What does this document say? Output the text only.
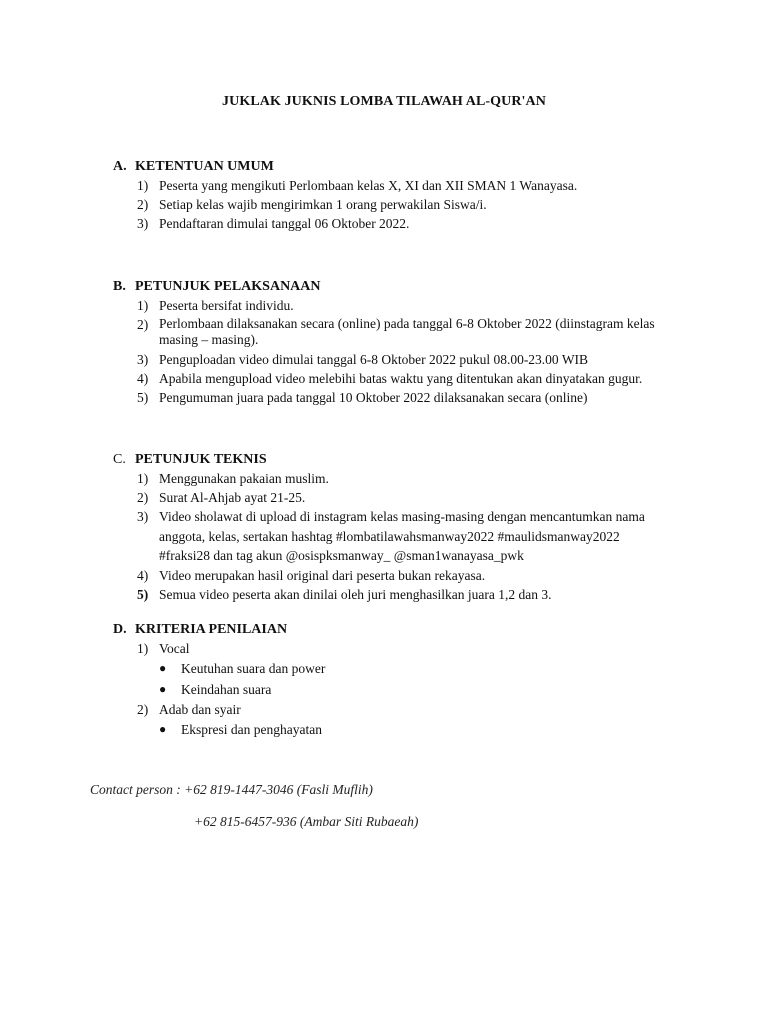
JUKLAK JUKNIS LOMBA TILAWAH AL-QUR'AN
A. KETENTUAN UMUM
1) Peserta yang mengikuti Perlombaan kelas X, XI dan XII SMAN 1 Wanayasa.
2) Setiap kelas wajib mengirimkan 1 orang perwakilan Siswa/i.
3) Pendaftaran dimulai tanggal 06 Oktober 2022.
B. PETUNJUK PELAKSANAAN
1) Peserta bersifat individu.
2) Perlombaan dilaksanakan secara (online) pada tanggal 6-8 Oktober 2022 (diinstagram kelas masing – masing).
3) Penguploadan video dimulai tanggal 6-8 Oktober 2022 pukul 08.00-23.00 WIB
4) Apabila mengupload video melebihi batas waktu yang ditentukan akan dinyatakan gugur.
5) Pengumuman juara pada tanggal 10 Oktober 2022 dilaksanakan secara (online)
C. PETUNJUK TEKNIS
1) Menggunakan pakaian muslim.
2) Surat Al-Ahjab ayat 21-25.
3) Video sholawat di upload di instagram kelas masing-masing dengan mencantumkan nama anggota, kelas, sertakan hashtag #lombatilawahsmanway2022 #maulidsmanway2022 #fraksi28 dan tag akun @osispksmanway_ @sman1wanayasa_pwk
4) Video merupakan hasil original dari peserta bukan rekayasa.
5) Semua video peserta akan dinilai oleh juri menghasilkan juara 1,2 dan 3.
D. KRITERIA PENILAIAN
1) Vocal
●	Keutuhan suara dan power
●	Keindahan suara
2) Adab dan syair
●	Ekspresi dan penghayatan
Contact person : +62 819-1447-3046 (Fasli Muflih)
+62 815-6457-936 (Ambar Siti Rubaeah)
